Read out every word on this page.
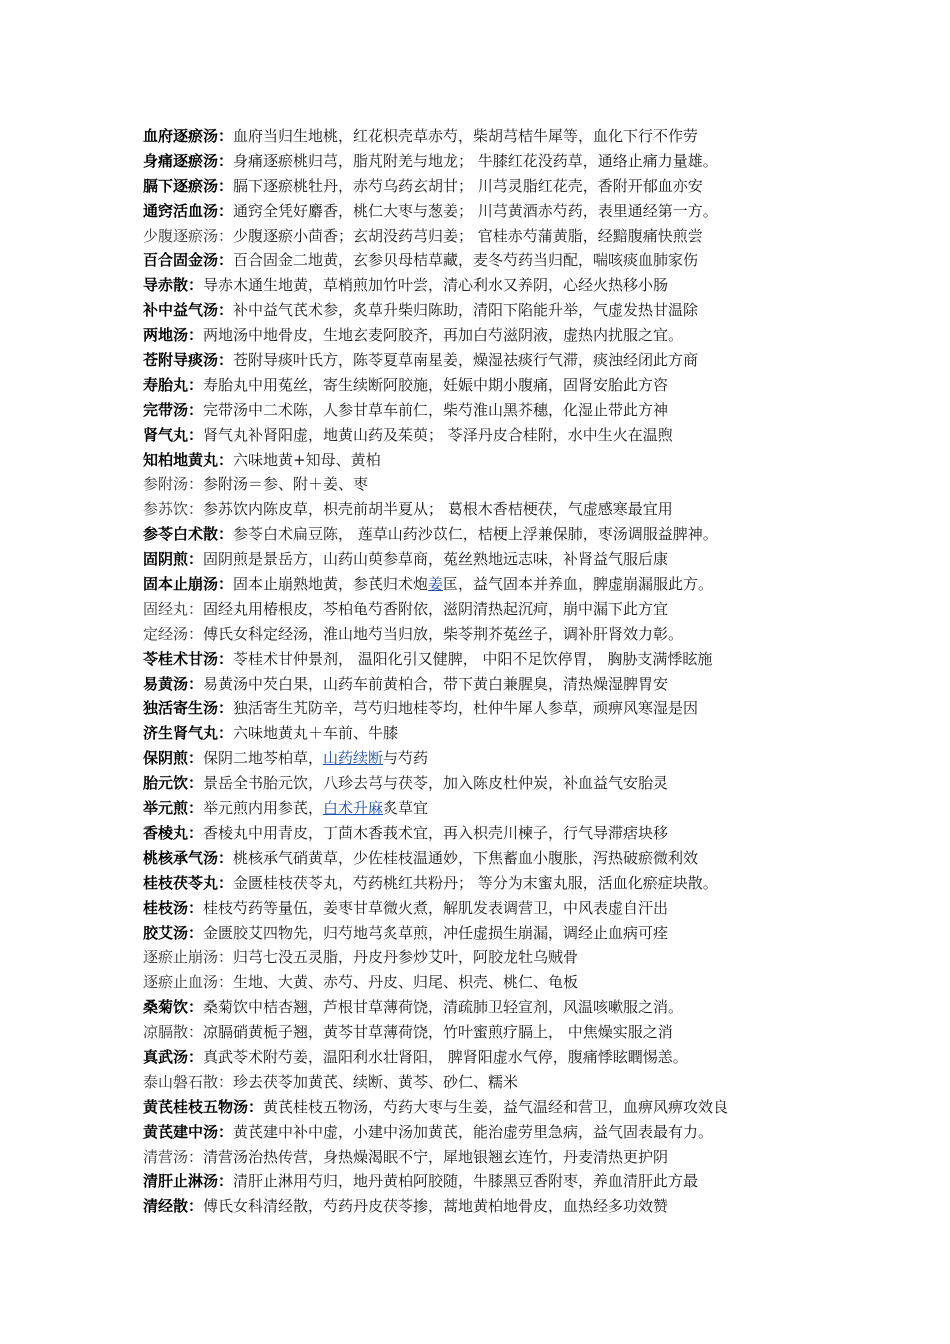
血府逐瘀汤：血府当归生地桃，红花枳壳草赤芍，柴胡芎桔牛犀等，血化下行不作劳
身痛逐瘀汤：身痛逐瘀桃归芎，脂芃附羌与地龙； 牛膝红花没药草，通络止痛力量雄。
膈下逐瘀汤：膈下逐瘀桃牡丹，赤芍乌药玄胡甘； 川芎灵脂红花壳，香附开郁血亦安
通窍活血汤：通窍全凭好麝香，桃仁大枣与葱姜； 川芎黄酒赤芍药，表里通经第一方。
少腹逐瘀汤：少腹逐瘀小茴香；玄胡没药芎归姜； 官桂赤芍蒲黄脂，经黯腹痛快煎尝
百合固金汤：百合固金二地黄，玄参贝母桔草藏，麦冬芍药当归配，喘咳痰血肺家伤
导赤散：导赤木通生地黄，草梢煎加竹叶尝，清心利水又养阴，心经火热移小肠
补中益气汤：补中益气芪术参，炙草升柴归陈助，清阳下陷能升举，气虚发热甘温除
两地汤：两地汤中地骨皮，生地玄麦阿胶齐，再加白芍滋阴液，虚热内扰服之宜。
苍附导痰汤：苍附导痰叶氏方，陈苓夏草南星姜，燥湿祛痰行气滞，痰浊经闭此方商
寿胎丸：寿胎丸中用菟丝，寄生续断阿胶施，妊娠中期小腹痛，固肾安胎此方咨
完带汤：完带汤中二术陈，人参甘草车前仁，柴芍淮山黑芥穗，化湿止带此方神
肾气丸：肾气丸补肾阳虚，地黄山药及茱萸； 苓泽丹皮合桂附，水中生火在温煦
知柏地黄丸：六味地黄+知母、黄柏
参附汤：参附汤＝参、附＋姜、枣
参苏饮：参苏饮内陈皮草，枳壳前胡半夏从； 葛根木香桔梗茯，气虚感寒最宜用
参苓白术散：参苓白术扁豆陈， 莲草山药沙苡仁，桔梗上浮兼保肺，枣汤调服益脾神。
固阴煎：固阴煎是景岳方，山药山萸参草商，菟丝熟地远志味，补肾益气服后康
固本止崩汤：固本止崩熟地黄，参芪归术炮姜匡，益气固本并养血，脾虚崩漏服此方。
固经丸：固经丸用椿根皮，芩柏龟芍香附依，滋阴清热起沉疴，崩中漏下此方宜
定经汤：傅氏女科定经汤，淮山地芍当归放，柴苓荆芥菟丝子，调补肝肾效力彰。
苓桂术甘汤：苓桂术甘仲景剂， 温阳化引又健脾， 中阳不足饮停胃， 胸胁支满悸眩施
易黄汤：易黄汤中芡白果，山药车前黄柏合，带下黄白兼腥臭，清热燥湿脾胃安
独活寄生汤：独活寄生艽防辛，芎芍归地桂苓均，杜仲牛犀人参草，顽痹风寒湿是因
济生肾气丸：六味地黄丸＋车前、牛膝
保阴煎：保阴二地芩柏草，山药续断与芍药
胎元饮：景岳全书胎元饮，八珍去芎与茯苓，加入陈皮杜仲炭，补血益气安胎灵
举元煎：举元煎内用参芪，白术升麻炙草宜
香棱丸：香棱丸中用青皮，丁茴木香莪术宜，再入枳壳川楝子，行气导滞痞块移
桃核承气汤：桃核承气硝黄草，少佐桂枝温通妙，下焦蓄血小腹胀，泻热破瘀微利效
桂枝茯苓丸：金匮桂枝茯苓丸，芍药桃红共粉丹； 等分为末蜜丸服，活血化瘀症块散。
桂枝汤：桂枝芍药等量伍，姜枣甘草微火煮，解肌发表调营卫，中风表虚自汗出
胶艾汤：金匮胶艾四物先，归芍地芎炙草煎，冲任虚损生崩漏，调经止血病可痊
逐瘀止崩汤：归芎七没五灵脂，丹皮丹参炒艾叶，阿胶龙牡乌贼骨
逐瘀止血汤：生地、大黄、赤芍、丹皮、归尾、枳壳、桃仁、龟板
桑菊饮：桑菊饮中桔杏翘，芦根甘草薄荷饶，清疏肺卫轻宣剂，风温咳嗽服之消。
凉膈散：凉膈硝黄栀子翘，黄芩甘草薄荷饶，竹叶蜜煎疗膈上， 中焦燥实服之消
真武汤：真武苓术附芍姜，温阳利水壮肾阳， 脾肾阳虚水气停，腹痛悸眩瞤惕恙。
泰山磐石散：珍去茯苓加黄芪、续断、黄芩、砂仁、糯米
黄芪桂枝五物汤：黄芪桂枝五物汤，芍药大枣与生姜，益气温经和营卫，血痹风痹攻效良
黄芪建中汤：黄芪建中补中虚，小建中汤加黄芪，能治虚劳里急病，益气固表最有力。
清营汤：清营汤治热传营，身热燥渴眠不宁，犀地银翘玄连竹，丹麦清热更护阴
清肝止淋汤：清肝止淋用芍归，地丹黄柏阿胶随，牛膝黑豆香附枣，养血清肝此方最
清经散：傅氏女科清经散，芍药丹皮茯苓掺，蒿地黄柏地骨皮，血热经多功效赞
